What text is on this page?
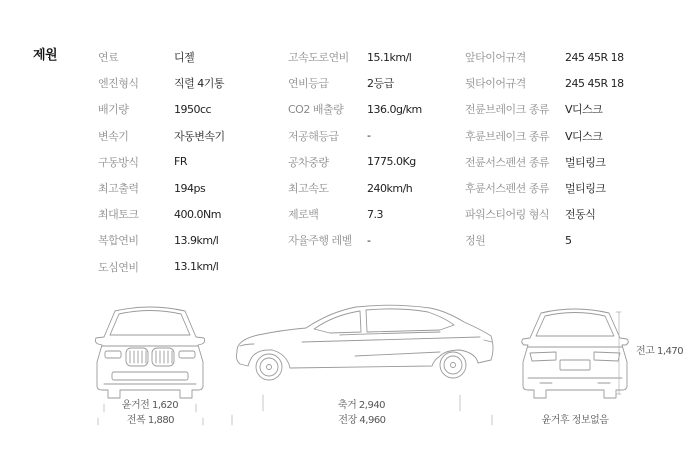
제원	연료	디젤
엔진형식	직렬 4기통
배기량	1950cc
변속기	자동변속기
구동방식	FR
최고출력	194ps
최대토크	400.0Nm
복합연비	13.9km/l
도심연비	13.1km/l
고속도로연비	15.1km/l
연비등급	2등급
CO2 배출량	136.0g/km
저공해등급	-
공차중량	1775.0Kg
최고속도	240km/h
제로백	7.3
자율주행 레벨	-
앞타이어규격	245 45R 18
뒷타이어규격	245 45R 18
전륜브레이크 종류	V디스크
후륜브레이크 종류	V디스크
전륜서스펜션 종류	멀티링크
후륜서스펜션 종류	멀티링크
파워스티어링 형식	전동식
정원	5
윤거전 1,620
전폭 1,880
축거 2,940
전장 4,960	윤거후 정보없음
전고 1,470
